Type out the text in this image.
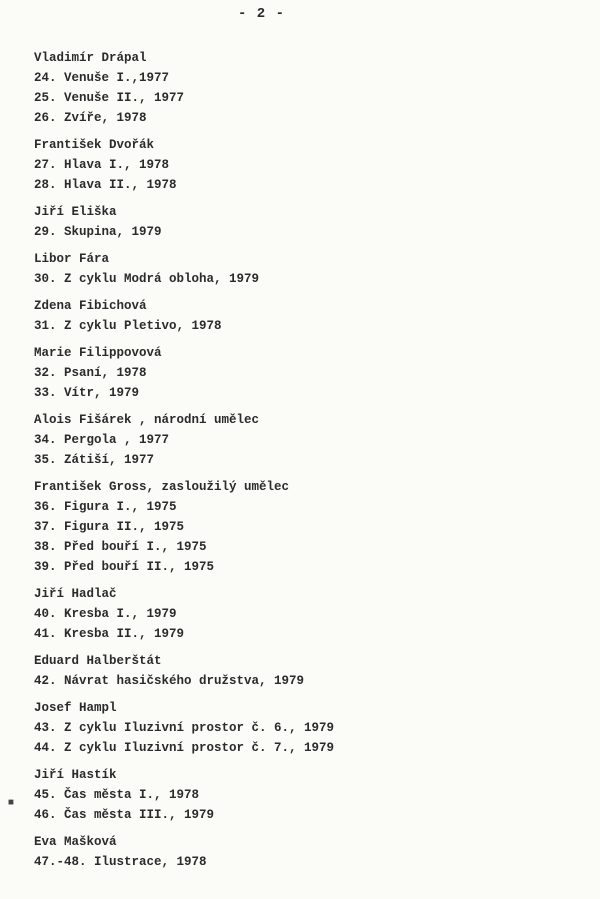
- 2 -
Vladimír Drápal
24. Venuše I.,1977
25. Venuše II., 1977
26. Zvíře, 1978
František Dvořák
27. Hlava I., 1978
28. Hlava II., 1978
Jiří Eliška
29. Skupina, 1979
Libor Fára
30. Z cyklu Modrá obloha, 1979
Zdena Fibichová
31. Z cyklu Pletivo, 1978
Marie Filippovová
32. Psaní, 1978
33. Vítr, 1979
Alois Fišárek , národní umělec
34. Pergola , 1977
35. Zátiší, 1977
František Gross, zasloužilý umělec
36. Figura I., 1975
37. Figura II., 1975
38. Před bouří I., 1975
39. Před bouří II., 1975
Jiří Hadlač
40. Kresba I., 1979
41. Kresba II., 1979
Eduard Halberštát
42. Návrat hasičského družstva, 1979
Josef Hampl
43. Z cyklu Iluzivní prostor č. 6., 1979
44. Z cyklu Iluzivní prostor č. 7., 1979
Jiří Hastík
45. Čas města I., 1978
46. Čas města III., 1979
Eva Mašková
47.-48. Ilustrace, 1978
■
